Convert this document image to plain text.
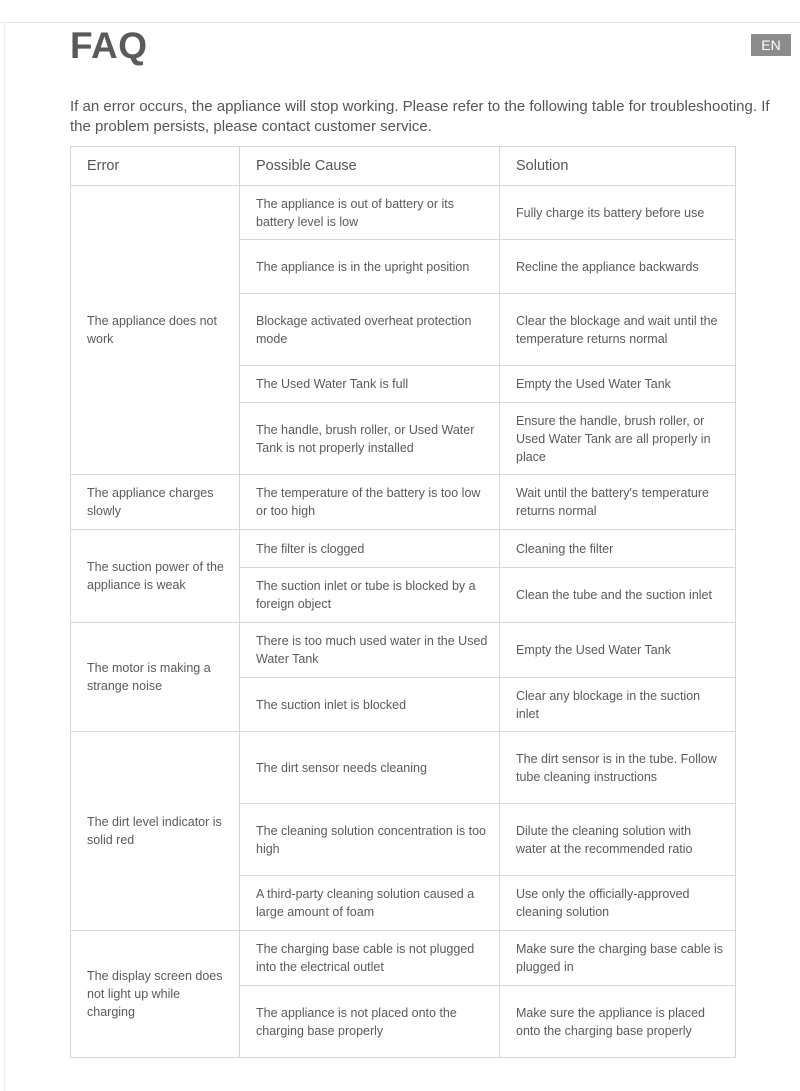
FAQ	EN

If an error occurs, the appliance will stop working. Please refer to the following table for troubleshooting. If the problem persists, please contact customer service.

Error	Possible Cause	Solution
The appliance does not work	The appliance is out of battery or its battery level is low	Fully charge its battery before use
	The appliance is in the upright position	Recline the appliance backwards
	Blockage activated overheat protection mode	Clear the blockage and wait until the temperature returns normal
	The Used Water Tank is full	Empty the Used Water Tank
	The handle, brush roller, or Used Water Tank is not properly installed	Ensure the handle, brush roller, or Used Water Tank are all properly in place
The appliance charges slowly	The temperature of the battery is too low or too high	Wait until the battery's temperature returns normal
The suction power of the appliance is weak	The filter is clogged	Cleaning the filter
	The suction inlet or tube is blocked by a foreign object	Clean the tube and the suction inlet
The motor is making a strange noise	There is too much used water in the Used Water Tank	Empty the Used Water Tank
	The suction inlet is blocked	Clear any blockage in the suction inlet
The dirt level indicator is solid red	The dirt sensor needs cleaning	The dirt sensor is in the tube. Follow tube cleaning instructions
	The cleaning solution concentration is too high	Dilute the cleaning solution with water at the recommended ratio
	A third-party cleaning solution caused a large amount of foam	Use only the officially-approved cleaning solution
The display screen does not light up while charging	The charging base cable is not plugged into the electrical outlet	Make sure the charging base cable is plugged in
	The appliance is not placed onto the charging base properly	Make sure the appliance is placed onto the charging base properly
